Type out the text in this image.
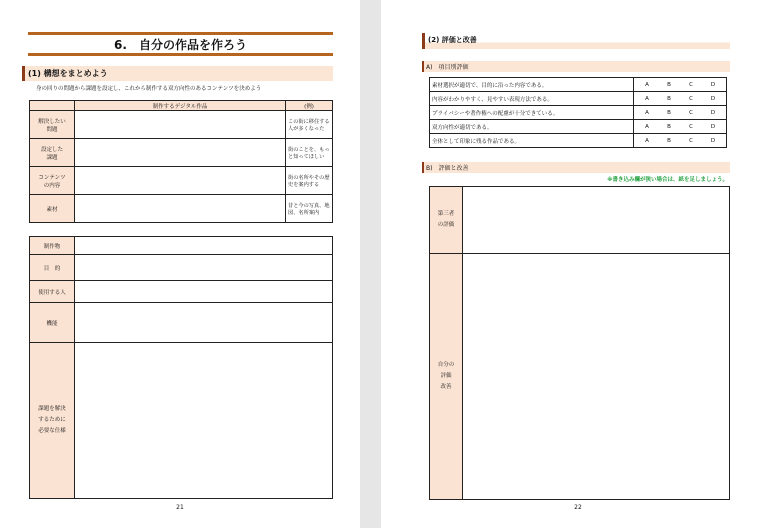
6.　自分の作品を作ろう
(1) 構想をまとめよう
身の回りの問題から課題を設定し、これから制作する双方向性のあるコンテンツを決めよう
	制作するデジタル作品	(例)
解決したい
問題		この街に移住する人が多くなった
設定した
課題		街のことを、もっと知ってほしい
コンテンツ
の内容		街の名所やその歴史を案内する
素材		昔と今の写真、地図、名所案内
制作物	
目　的	
使用する人	
機能	
課題を解決
するために
必要な仕様	
21
(2) 評価と改善
A)　項目別評価
素材選択が適切で、目的に沿った内容である。	A B C D
内容がわかりやすく、見やすい表現方法である。	A B C D
プライバシーや著作権への配慮が十分できている。	A B C D
双方向性が適切である。	A B C D
全体として印象に残る作品である。	A B C D
B)　評価と改善
※書き込み欄が狭い場合は、紙を足しましょう。
第三者
の評価	
自分の
評価
改善	
22
